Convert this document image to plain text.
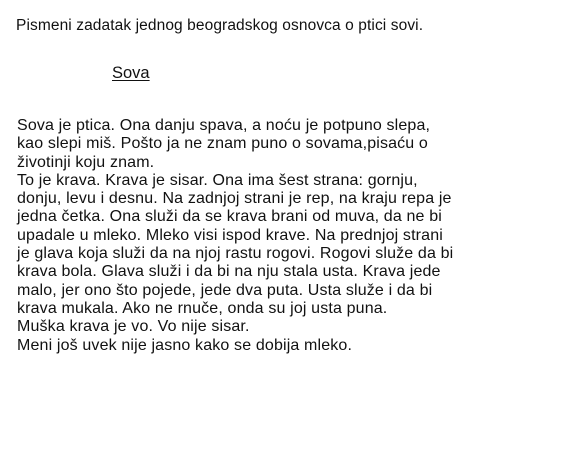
Pismeni zadatak jednog beogradskog osnovca o ptici sovi.
Sova
Sova je ptica. Ona danju spava, a noću je potpuno slepa,
kao slepi miš. Pošto ja ne znam puno o sovama,pisaću o
životinji koju znam.
To je krava. Krava je sisar. Ona ima šest strana: gornju,
donju, levu i desnu. Na zadnjoj strani je rep, na kraju repa je
jedna četka. Ona služi da se krava brani od muva, da ne bi
upadale u mleko. Mleko visi ispod krave. Na prednjoj strani
je glava koja služi da na njoj rastu rogovi. Rogovi služe da bi
krava bola. Glava služi i da bi na nju stala usta. Krava jede
malo, jer ono što pojede, jede dva puta. Usta služe i da bi
krava mukala. Ako ne rnuče, onda su joj usta puna.
Muška krava je vo. Vo nije sisar.
Meni još uvek nije jasno kako se dobija mleko.
